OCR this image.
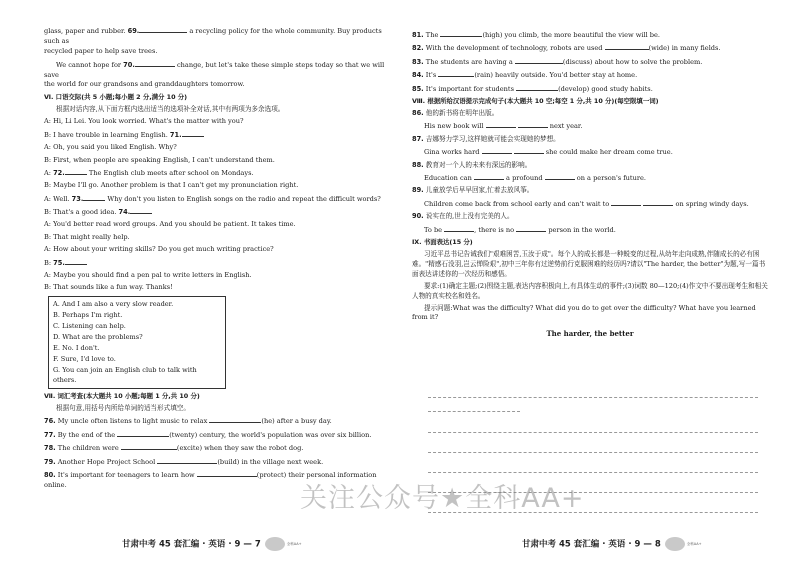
glass, paper and rubber. 69.	a recycling policy for the whole community. Buy products such as
recycled paper to help save trees.

We cannot hope for 70.	change, but let's take these simple steps today so that we will save
the world for our grandsons and granddaughters tomorrow.

Ⅵ. 口语交际(共 5 小题;每小题 2 分,满分 10 分)
根据对话内容,从下面方框内选出适当的选项补全对话,其中有两项为多余选项。
A: Hi, Li Lei. You look worried. What's the matter with you?
B: I have trouble in learning English. 71.
A: Oh, you said you liked English. Why?
B: First, when people are speaking English, I can't understand them.
A: 72.	The English club meets after school on Mondays.
B: Maybe I'll go. Another problem is that I can't get my pronunciation right.
A: Well. 73.	Why don't you listen to English songs on the radio and repeat the difficult words?
B: That's a good idea. 74.
A: You'd better read word groups. And you should be patient. It takes time.
B: That might really help.
A: How about your writing skills? Do you get much writing practice?
B: 75.
A: Maybe you should find a pen pal to write letters in English.
B: That sounds like a fun way. Thanks!
A. And I am also a very slow reader.
B. Perhaps I'm right.
C. Listening can help.
D. What are the problems?
E. No. I don't.
F. Sure, I'd love to.
G. You can join an English club to talk with others.
Ⅶ. 词汇考查(本大题共 10 小题;每题 1 分,共 10 分)
根据句意,用括号内所给单词的适当形式填空。
76. My uncle often listens to light music to relax	(he) after a busy day.
77. By the end of the	(twenty) century, the world's population was over six billion.
78. The children were	(excite) when they saw the robot dog.
79. Another Hope Project School	(build) in the village next week.
80. It's important for teenagers to learn how	(protect) their personal information online.
甘肃中考 45 套汇编 · 英语 · 9 — 7	全科AA+
81. The	(high) you climb, the more beautiful the view will be.
82. With the development of technology, robots are used	(wide) in many fields.
83. The students are having a	(discuss) about how to solve the problem.
84. It's	(rain) heavily outside. You'd better stay at home.
85. It's important for students	(develop) good study habits.
Ⅷ. 根据所给汉语提示完成句子(本大题共 10 空;每空 1 分,共 10 分)(每空限填一词)
86. 他的新书将在明年出版。
His new book will	next year.
87. 吉娜努力学习,这样她就可能会实现她的梦想。
Gina works hard	she could make her dream come true.
88. 教育对一个人的未来有深远的影响。
Education can	a profound	on a person's future.
89. 儿童放学后早早回家,忙着去放风筝。
Children come back from school early and can't wait to	on spring windy days.
90. 说实在的,世上没有完美的人。
To be	, there is no	person in the world.
Ⅸ. 书面表达(15 分)

习近平总书记告诫我们"艰难困苦,玉汝于成"。每个人的成长都是一种蜕变的过程,从幼年走向成熟,伴随成长的必有困难。"精感石没羽,岂云惮险艰",初中三年你有过逆势前行克服困难的经历吗?请以"The harder, the better"为题,写一篇书面表达讲述你的一次经历和感悟。

要求:(1)确定主题;(2)围绕主题,表达内容积极向上,有具体生动的事件;(3)词数 80—120;(4)作文中不要出现考生和相关人物的真实校名和姓名。

提示问题:What was the difficulty? What did you do to get over the difficulty? What have you learned from it?

The harder, the better
甘肃中考 45 套汇编 · 英语 · 9 — 8	全科AA+
关注公众号★全科AA+
